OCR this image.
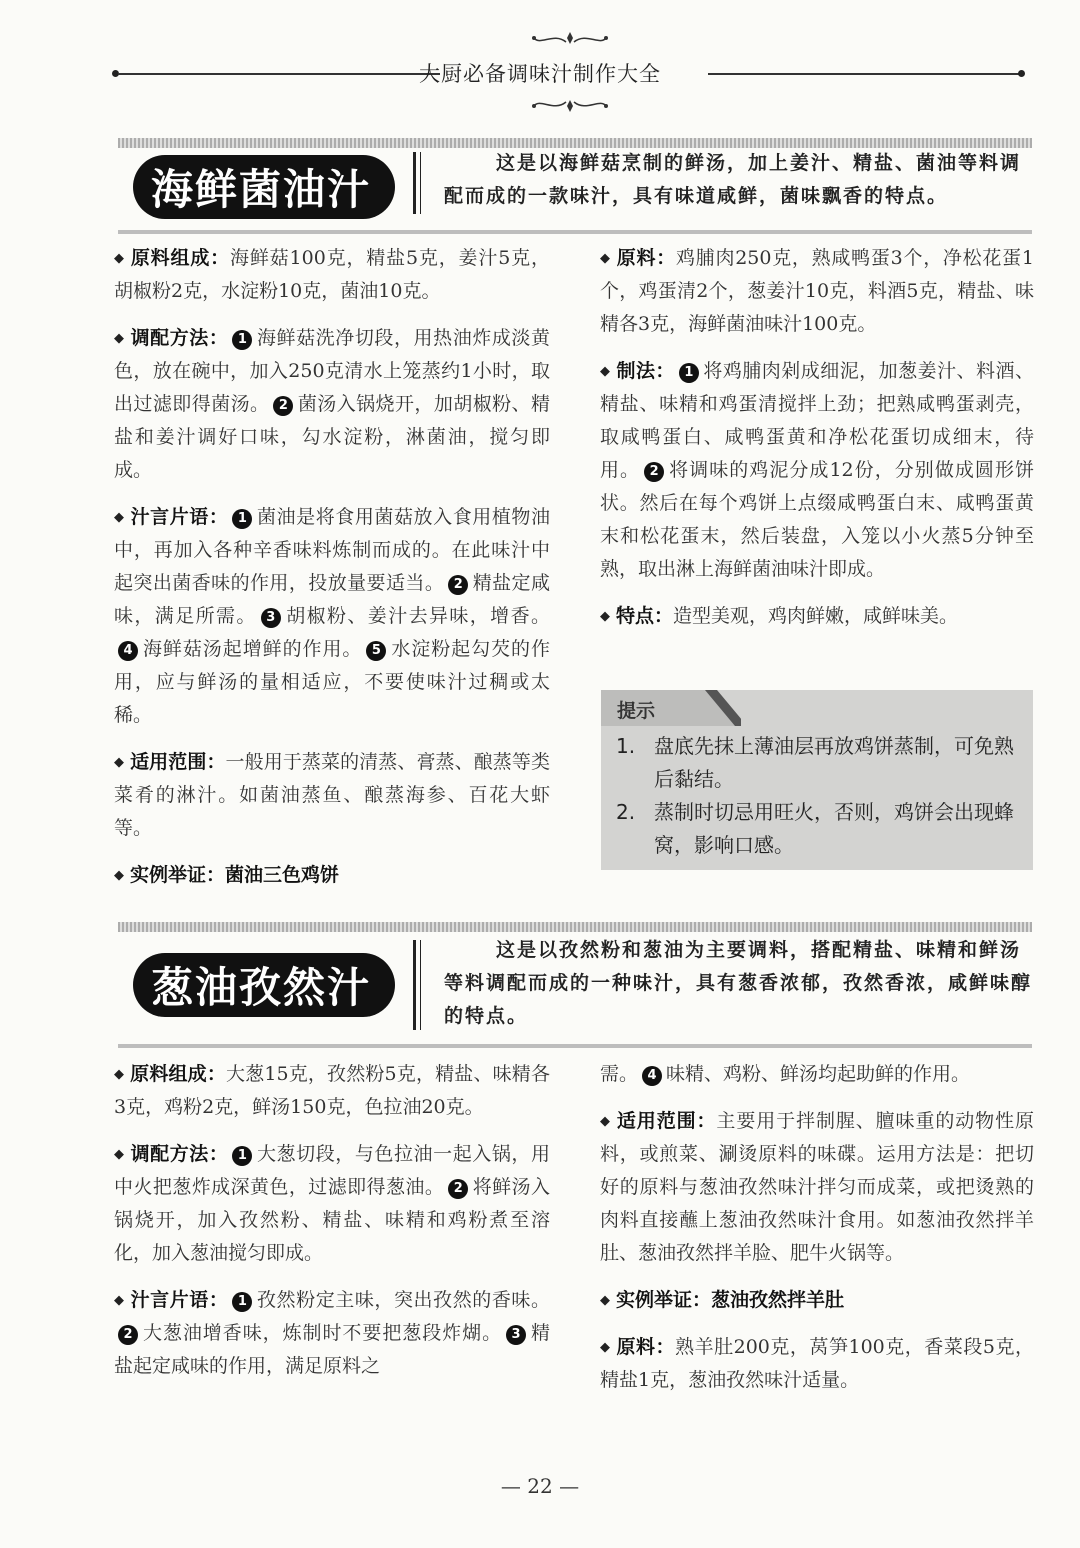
大厨必备调味汁制作大全
海 鲜 菌 油 汁
这是以海鲜菇烹制的鲜汤，加上姜汁、精盐、菌油等料调配而成的一款味汁，具有味道咸鲜，菌味飘香的特点。

◆ 原料组成：海鲜菇100克，精盐5克，姜汁5克，胡椒粉2克，水淀粉10克，菌油10克。

◆ 调配方法： 1 海鲜菇洗净切段，用热油炸成淡黄色，放在碗中，加入250克清水上笼蒸约1小时，取出过滤即得菌汤。 2 菌汤入锅烧开，加胡椒粉、精盐和姜汁调好口味，勾水淀粉，淋菌油，搅匀即成。

◆ 汁言片语： 1 菌油是将食用菌菇放入食用植物油中，再加入各种辛香味料炼制而成的。在此味汁中起突出菌香味的作用，投放量要适当。 2 精盐定咸味，满足所需。 3 胡椒粉、姜汁去异味，增香。4 海鲜菇汤起增鲜的作用。 5 水淀粉起勾芡的作用，应与鲜汤的量相适应，不要使味汁过稠或太稀。

◆ 适用范围：一般用于蒸菜的清蒸、膏蒸、酿蒸等类菜肴的淋汁。如菌油蒸鱼、酿蒸海参、百花大虾等。

◆ 实例举证：菌油三色鸡饼

◆ 原料：鸡脯肉250克，熟咸鸭蛋3个，净松花蛋1个，鸡蛋清2个，葱姜汁10克，料酒5克，精盐、味精各3克，海鲜菌油味汁100克。

◆ 制法： 1 将鸡脯肉剁成细泥，加葱姜汁、料酒、精盐、味精和鸡蛋清搅拌上劲；把熟咸鸭蛋剥壳，取咸鸭蛋白、咸鸭蛋黄和净松花蛋切成细末，待用。 2 将调味的鸡泥分成12份，分别做成圆形饼状。然后在每个鸡饼上点缀咸鸭蛋白末、咸鸭蛋黄末和松花蛋末，然后装盘，入笼以小火蒸5分钟至熟，取出淋上海鲜菌油味汁即成。

◆ 特点：造型美观，鸡肉鲜嫩，咸鲜味美。

提示
1. 盘底先抹上薄油层再放鸡饼蒸制，可免熟后黏结。
2. 蒸制时切忌用旺火，否则，鸡饼会出现蜂窝，影响口感。
葱 油 孜 然 汁
这是以孜然粉和葱油为主要调料，搭配精盐、味精和鲜汤等料调配而成的一种味汁，具有葱香浓郁，孜然香浓，咸鲜味醇的特点。

◆ 原料组成：大葱15克，孜然粉5克，精盐、味精各3克，鸡粉2克，鲜汤150克，色拉油20克。

◆ 调配方法： 1 大葱切段，与色拉油一起入锅，用中火把葱炸成深黄色，过滤即得葱油。 2 将鲜汤入锅烧开，加入孜然粉、精盐、味精和鸡粉煮至溶化，加入葱油搅匀即成。

◆ 汁言片语： 1 孜然粉定主味，突出孜然的香味。2 大葱油增香味，炼制时不要把葱段炸煳。 3 精盐起定咸味的作用，满足原料之

需。 4 味精、鸡粉、鲜汤均起助鲜的作用。

◆ 适用范围：主要用于拌制腥、膻味重的动物性原料，或煎菜、涮烫原料的味碟。运用方法是：把切好的原料与葱油孜然味汁拌匀而成菜，或把烫熟的肉料直接蘸上葱油孜然味汁食用。如葱油孜然拌羊肚、葱油孜然拌羊脸、肥牛火锅等。

◆ 实例举证：葱油孜然拌羊肚

◆ 原料：熟羊肚200克，莴笋100克，香菜段5克，精盐1克，葱油孜然味汁适量。

— 22 —
